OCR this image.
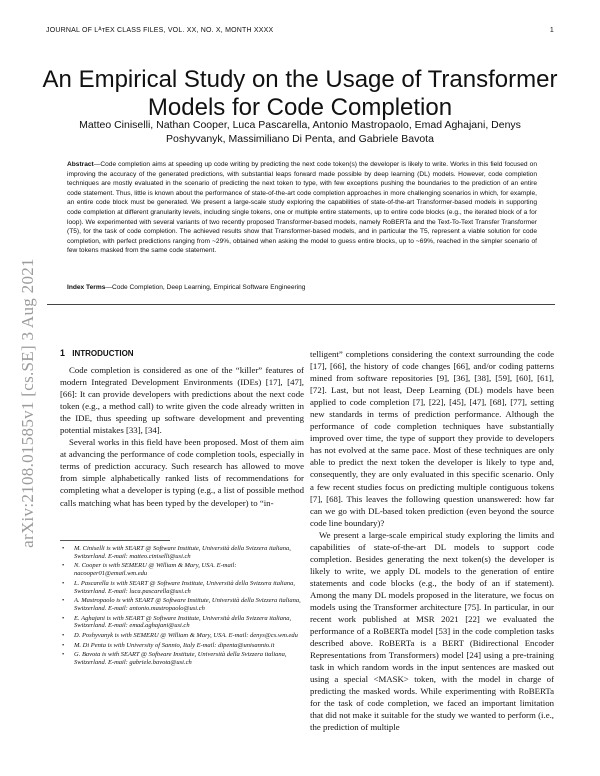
JOURNAL OF LᴬᴛEX CLASS FILES, VOL. XX, NO. X, MONTH XXXX	1
arXiv:2108.01585v1 [cs.SE] 3 Aug 2021
An Empirical Study on the Usage of Transformer Models for Code Completion
Matteo Ciniselli, Nathan Cooper, Luca Pascarella, Antonio Mastropaolo, Emad Aghajani, Denys Poshyvanyk, Massimiliano Di Penta, and Gabriele Bavota
Abstract—Code completion aims at speeding up code writing by predicting the next code token(s) the developer is likely to write. Works in this field focused on improving the accuracy of the generated predictions, with substantial leaps forward made possible by deep learning (DL) models. However, code completion techniques are mostly evaluated in the scenario of predicting the next token to type, with few exceptions pushing the boundaries to the prediction of an entire code statement. Thus, little is known about the performance of state-of-the-art code completion approaches in more challenging scenarios in which, for example, an entire code block must be generated. We present a large-scale study exploring the capabilities of state-of-the-art Transformer-based models in supporting code completion at different granularity levels, including single tokens, one or multiple entire statements, up to entire code blocks (e.g., the iterated block of a for loop). We experimented with several variants of two recently proposed Transformer-based models, namely RoBERTa and the Text-To-Text Transfer Transformer (T5), for the task of code completion. The achieved results show that Transformer-based models, and in particular the T5, represent a viable solution for code completion, with perfect predictions ranging from ~29%, obtained when asking the model to guess entire blocks, up to ~69%, reached in the simpler scenario of few tokens masked from the same code statement.
Index Terms—Code Completion, Deep Learning, Empirical Software Engineering
1 INTRODUCTION

Code completion is considered as one of the “killer” features of modern Integrated Development Environments (IDEs) [17], [47], [66]: It can provide developers with predictions about the next code token (e.g., a method call) to write given the code already written in the IDE, thus speeding up software development and preventing potential mistakes [33], [34].

Several works in this field have been proposed. Most of them aim at advancing the performance of code completion tools, especially in terms of prediction accuracy. Such research has allowed to move from simple alphabetically ranked lists of recommendations for completing what a developer is typing (e.g., a list of possible method calls matching what has been typed by the developer) to “in-

• M. Ciniselli is with SEART @ Software Institute, Università della Svizzera italiana, Switzerland. E-mail: matteo.ciniselli@usi.ch
• N. Cooper is with SEMERU @ William & Mary, USA. E-mail: nacooper01@email.wm.edu
• L. Pascarella is with SEART @ Software Institute, Università della Svizzera italiana, Switzerland. E-mail: luca.pascarella@usi.ch
• A. Mastropaolo is with SEART @ Software Institute, Università della Svizzera italiana, Switzerland. E-mail: antonio.mastropaolo@usi.ch
• E. Aghajani is with SEART @ Software Institute, Università della Svizzera italiana, Switzerland. E-mail: emad.aghajani@usi.ch
• D. Poshyvanyk is with SEMERU @ William & Mary, USA. E-mail: denys@cs.wm.edu
• M. Di Penta is with University of Sannio, Italy E-mail: dipenta@unisannio.it
• G. Bavota is with SEART @ Software Institute, Università della Svizzera italiana, Switzerland. E-mail: gabriele.bavota@usi.ch

telligent” completions considering the context surrounding the code [17], [66], the history of code changes [66], and/or coding patterns mined from software repositories [9], [36], [38], [59], [60], [61], [72]. Last, but not least, Deep Learning (DL) models have been applied to code completion [7], [22], [45], [47], [68], [77], setting new standards in terms of prediction performance. Although the performance of code completion techniques have substantially improved over time, the type of support they provide to developers has not evolved at the same pace. Most of these techniques are only able to predict the next token the developer is likely to type and, consequently, they are only evaluated in this specific scenario. Only a few recent studies focus on predicting multiple contiguous tokens [7], [68]. This leaves the following question unanswered: how far can we go with DL-based token prediction (even beyond the source code line boundary)?

We present a large-scale empirical study exploring the limits and capabilities of state-of-the-art DL models to support code completion. Besides generating the next token(s) the developer is likely to write, we apply DL models to the generation of entire statements and code blocks (e.g., the body of an if statement). Among the many DL models proposed in the literature, we focus on models using the Transformer architecture [75]. In particular, in our recent work published at MSR 2021 [22] we evaluated the performance of a RoBERTa model [53] in the code completion tasks described above. RoBERTa is a BERT (Bidirectional Encoder Representations from Transformers) model [24] using a pre-training task in which random words in the input sentences are masked out using a special <MASK> token, with the model in charge of predicting the masked words. While experimenting with RoBERTa for the task of code completion, we faced an important limitation that did not make it suitable for the study we wanted to perform (i.e., the prediction of multiple
